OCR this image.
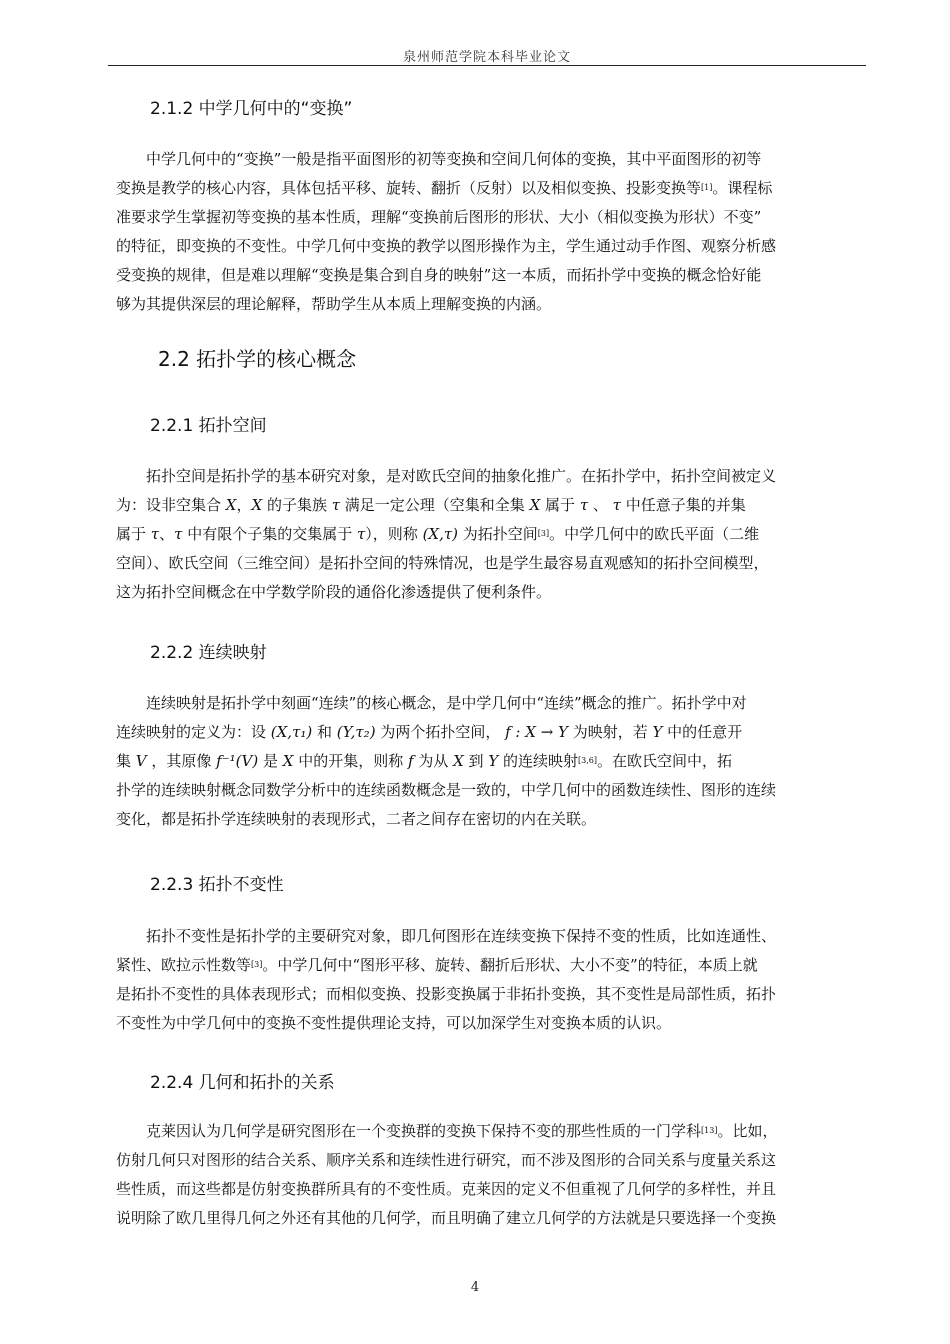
泉州师范学院本科毕业论文
2.1.2 中学几何中的“变换”
中学几何中的“变换”一般是指平面图形的初等变换和空间几何体的变换，其中平面图形的初等
变换是教学的核心内容，具体包括平移、旋转、翻折（反射）以及相似变换、投影变换等[1]。课程标
准要求学生掌握初等变换的基本性质，理解“变换前后图形的形状、大小（相似变换为形状）不变”
的特征，即变换的不变性。中学几何中变换的教学以图形操作为主，学生通过动手作图、观察分析感
受变换的规律，但是难以理解“变换是集合到自身的映射”这一本质，而拓扑学中变换的概念恰好能
够为其提供深层的理论解释，帮助学生从本质上理解变换的内涵。
2.2 拓扑学的核心概念
2.2.1 拓扑空间
拓扑空间是拓扑学的基本研究对象，是对欧氏空间的抽象化推广。在拓扑学中，拓扑空间被定义
为：设非空集合 X，X 的子集族 τ 满足一定公理（空集和全集 X 属于 τ 、 τ 中任意子集的并集
属于 τ、τ 中有限个子集的交集属于 τ），则称 (X,τ) 为拓扑空间[3]。中学几何中的欧氏平面（二维
空间）、欧氏空间（三维空间）是拓扑空间的特殊情况，也是学生最容易直观感知的拓扑空间模型，
这为拓扑空间概念在中学数学阶段的通俗化渗透提供了便利条件。
2.2.2 连续映射
连续映射是拓扑学中刻画“连续”的核心概念，是中学几何中“连续”概念的推广。拓扑学中对
连续映射的定义为：设 (X,τ₁) 和 (Y,τ₂) 为两个拓扑空间， f : X → Y 为映射，若 Y 中的任意开
集 V ，其原像 f⁻¹(V) 是 X 中的开集，则称 f 为从 X 到 Y 的连续映射[3,6]。在欧氏空间中，拓
扑学的连续映射概念同数学分析中的连续函数概念是一致的，中学几何中的函数连续性、图形的连续
变化，都是拓扑学连续映射的表现形式，二者之间存在密切的内在关联。
2.2.3 拓扑不变性
拓扑不变性是拓扑学的主要研究对象，即几何图形在连续变换下保持不变的性质，比如连通性、
紧性、欧拉示性数等[3]。中学几何中“图形平移、旋转、翻折后形状、大小不变”的特征，本质上就
是拓扑不变性的具体表现形式；而相似变换、投影变换属于非拓扑变换，其不变性是局部性质，拓扑
不变性为中学几何中的变换不变性提供理论支持，可以加深学生对变换本质的认识。
2.2.4 几何和拓扑的关系
克莱因认为几何学是研究图形在一个变换群的变换下保持不变的那些性质的一门学科[13]。比如，
仿射几何只对图形的结合关系、顺序关系和连续性进行研究，而不涉及图形的合同关系与度量关系这
些性质，而这些都是仿射变换群所具有的不变性质。克莱因的定义不但重视了几何学的多样性，并且
说明除了欧几里得几何之外还有其他的几何学，而且明确了建立几何学的方法就是只要选择一个变换
4
